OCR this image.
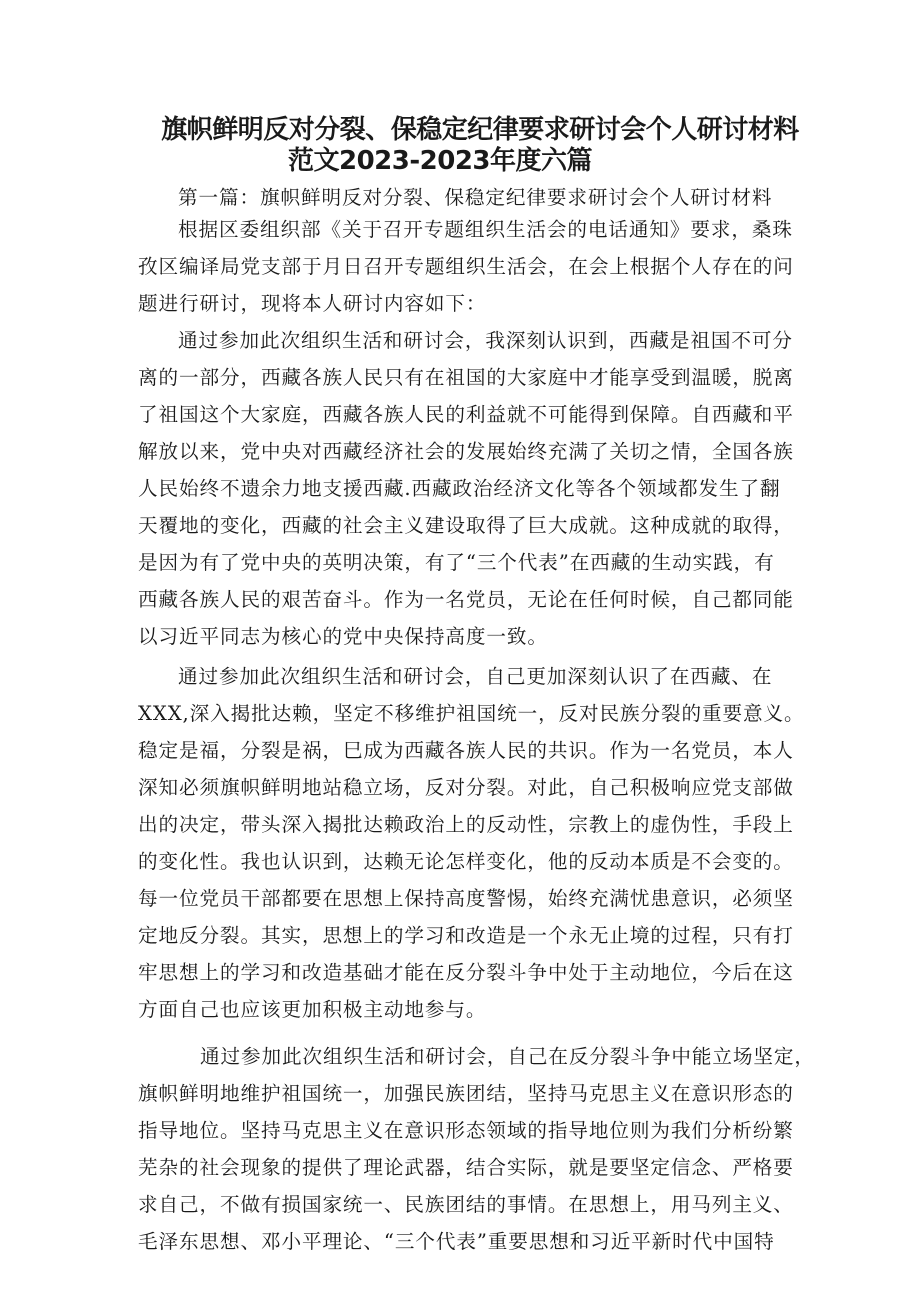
旗帜鲜明反对分裂、保稳定纪律要求研讨会个人研讨材料
范文2023-2023年度六篇
第一篇：旗帜鲜明反对分裂、保稳定纪律要求研讨会个人研讨材料
根据区委组织部《关于召开专题组织生活会的电话通知》要求，桑珠
孜区编译局党支部于月日召开专题组织生活会，在会上根据个人存在的问
题进行研讨，现将本人研讨内容如下：
通过参加此次组织生活和研讨会，我深刻认识到，西藏是祖国不可分
离的一部分，西藏各族人民只有在祖国的大家庭中才能享受到温暖，脱离
了祖国这个大家庭，西藏各族人民的利益就不可能得到保障。自西藏和平
解放以来，党中央对西藏经济社会的发展始终充满了关切之情，全国各族
人民始终不遗余力地支援西藏.西藏政治经济文化等各个领域都发生了翻
天覆地的变化，西藏的社会主义建设取得了巨大成就。这种成就的取得，
是因为有了党中央的英明决策，有了“三个代表”在西藏的生动实践，有
西藏各族人民的艰苦奋斗。作为一名党员，无论在任何时候，自己都同能
以习近平同志为核心的党中央保持高度一致。
通过参加此次组织生活和研讨会，自己更加深刻认识了在西藏、在
XXX,深入揭批达赖，坚定不移维护祖国统一，反对民族分裂的重要意义。
稳定是福，分裂是祸，巳成为西藏各族人民的共识。作为一名党员，本人
深知必须旗帜鲜明地站稳立场，反对分裂。对此，自己积极响应党支部做
出的决定，带头深入揭批达赖政治上的反动性，宗教上的虚伪性，手段上
的变化性。我也认识到，达赖无论怎样变化，他的反动本质是不会变的。
每一位党员干部都要在思想上保持高度警惕，始终充满忧患意识，必须坚
定地反分裂。其实，思想上的学习和改造是一个永无止境的过程，只有打
牢思想上的学习和改造基础才能在反分裂斗争中处于主动地位，今后在这
方面自己也应该更加积极主动地参与。
通过参加此次组织生活和研讨会，自己在反分裂斗争中能立场坚定，
旗帜鲜明地维护祖国统一，加强民族团结，坚持马克思主义在意识形态的
指导地位。坚持马克思主义在意识形态领域的指导地位则为我们分析纷繁
芜杂的社会现象的提供了理论武器，结合实际，就是要坚定信念、严格要
求自己，不做有损国家统一、民族团结的事情。在思想上，用马列主义、
毛泽东思想、邓小平理论、“三个代表”重要思想和习近平新时代中国特
